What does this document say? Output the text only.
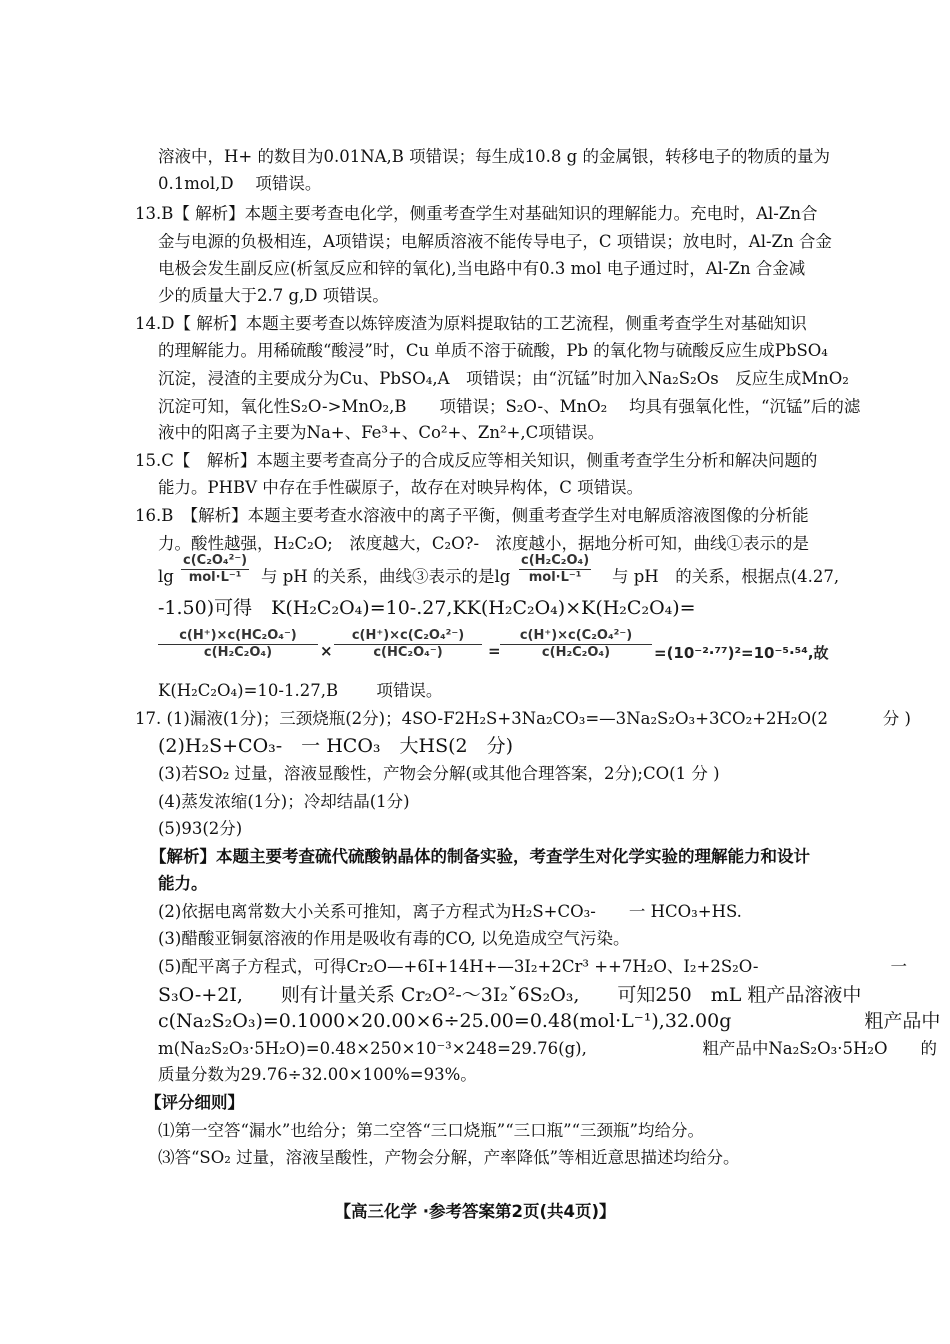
溶液中，H+ 的数目为0.01NA,B 项错误；每生成10.8 g 的金属银，转移电子的物质的量为
0.1mol,D　 项错误。
13.B【 解析】本题主要考查电化学，侧重考查学生对基础知识的理解能力。充电时，Al-Zn合
金与电源的负极相连，A项错误；电解质溶液不能传导电子，C 项错误；放电时，Al-Zn 合金
电极会发生副反应(析氢反应和锌的氧化),当电路中有0.3 mol 电子通过时，Al-Zn 合金减
少的质量大于2.7 g,D 项错误。
14.D【 解析】本题主要考查以炼锌废渣为原料提取钴的工艺流程，侧重考查学生对基础知识
的理解能力。用稀硫酸“酸浸”时，Cu 单质不溶于硫酸，Pb 的氧化物与硫酸反应生成PbSO₄
沉淀，浸渣的主要成分为Cu、PbSO₄,A　项错误；由“沉锰”时加入Na₂S₂Os　反应生成MnO₂
沉淀可知，氧化性S₂O->MnO₂,B　　项错误；S₂O-、MnO₂　 均具有强氧化性，“沉锰”后的滤
液中的阳离子主要为Na+、Fe³+、Co²+、Zn²+,C项错误。
15.C【　解析】本题主要考查高分子的合成反应等相关知识，侧重考查学生分析和解决问题的
能力。PHBV 中存在手性碳原子，故存在对映异构体，C 项错误。
16.B　【解析】本题主要考查水溶液中的离子平衡，侧重考查学生对电解质溶液图像的分析能
力。酸性越强，H₂C₂O;　浓度越大，C₂O?-　浓度越小，据地分析可知，曲线①表示的是
lg
c(C₂O₄²⁻)
mol·L⁻¹	与 pH 的关系，曲线③表示的是lg
c(H₂C₂O₄)
mol·L⁻¹	与 pH　的关系，根据点(4.27,
-1.50)可得　K(H₂C₂O₄)=10-.27,KK(H₂C₂O₄)×K(H₂C₂O₄)=
$\frac{\text{c(H⁺)×c(HC₂O₄⁻)}}{\text{c(H₂C₂O₄)}} \times \frac{\text{c(H⁺)×c(C₂O₄²⁻)}}{\text{c(HC₂O₄⁻)}} = \frac{\text{c(H⁺)×c(C₂O₄²⁻)}}{\text{c(H₂C₂O₄)}} =(10^{-2}\cdot^{77})^2=10^{-5}\cdot^{54}$,故
K(H₂C₂O₄)=10-1.27,B　　 项错误。
17. (1)漏液(1分)；三颈烧瓶(2分)；4SO-F2H₂S+3Na₂CO₃=—3Na₂S₂O₃+3CO₂+2H₂O(2　　　 分 )
(2)H₂S+CO₃-　一 HCO₃　大HS(2　分)
(3)若SO₂ 过量，溶液显酸性，产物会分解(或其他合理答案，2分);CO(1 分 )
(4)蒸发浓缩(1分)；冷却结晶(1分)
(5)93(2分)
【解析】本题主要考查硫代硫酸钠晶体的制备实验，考查学生对化学实验的理解能力和设计
能力。
(2)依据电离常数大小关系可推知，离子方程式为H₂S+CO₃-　　一 HCO₃+HS.
(3)醋酸亚铜氨溶液的作用是吸收有毒的CO, 以免造成空气污染。
(5)配平离子方程式，可得Cr₂O—+6I+14H+—3I₂+2Cr³ ++7H₂O、I₂+2S₂O-　　　　　　　　一
S₃O-+2I,　　则有计量关系 Cr₂O²-～3I₂ˇ6S₂O₃,　　可知250　mL 粗产品溶液中
c(Na₂S₂O₃)=0.1000×20.00×6÷25.00=0.48(mol·L⁻¹),32.00g　　　　　　　粗产品中
m(Na₂S₂O₃·5H₂O)=0.48×250×10⁻³×248=29.76(g),　　　　　　　粗产品中Na₂S₂O₃·5H₂O　　的
质量分数为29.76÷32.00×100%=93%。
【评分细则】
⑴第一空答“漏水”也给分；第二空答“三口烧瓶”“三口瓶”“三颈瓶”均给分。
⑶答“SO₂ 过量，溶液呈酸性，产物会分解，产率降低”等相近意思描述均给分。
【高三化学 ·参考答案第2页(共4页)】
